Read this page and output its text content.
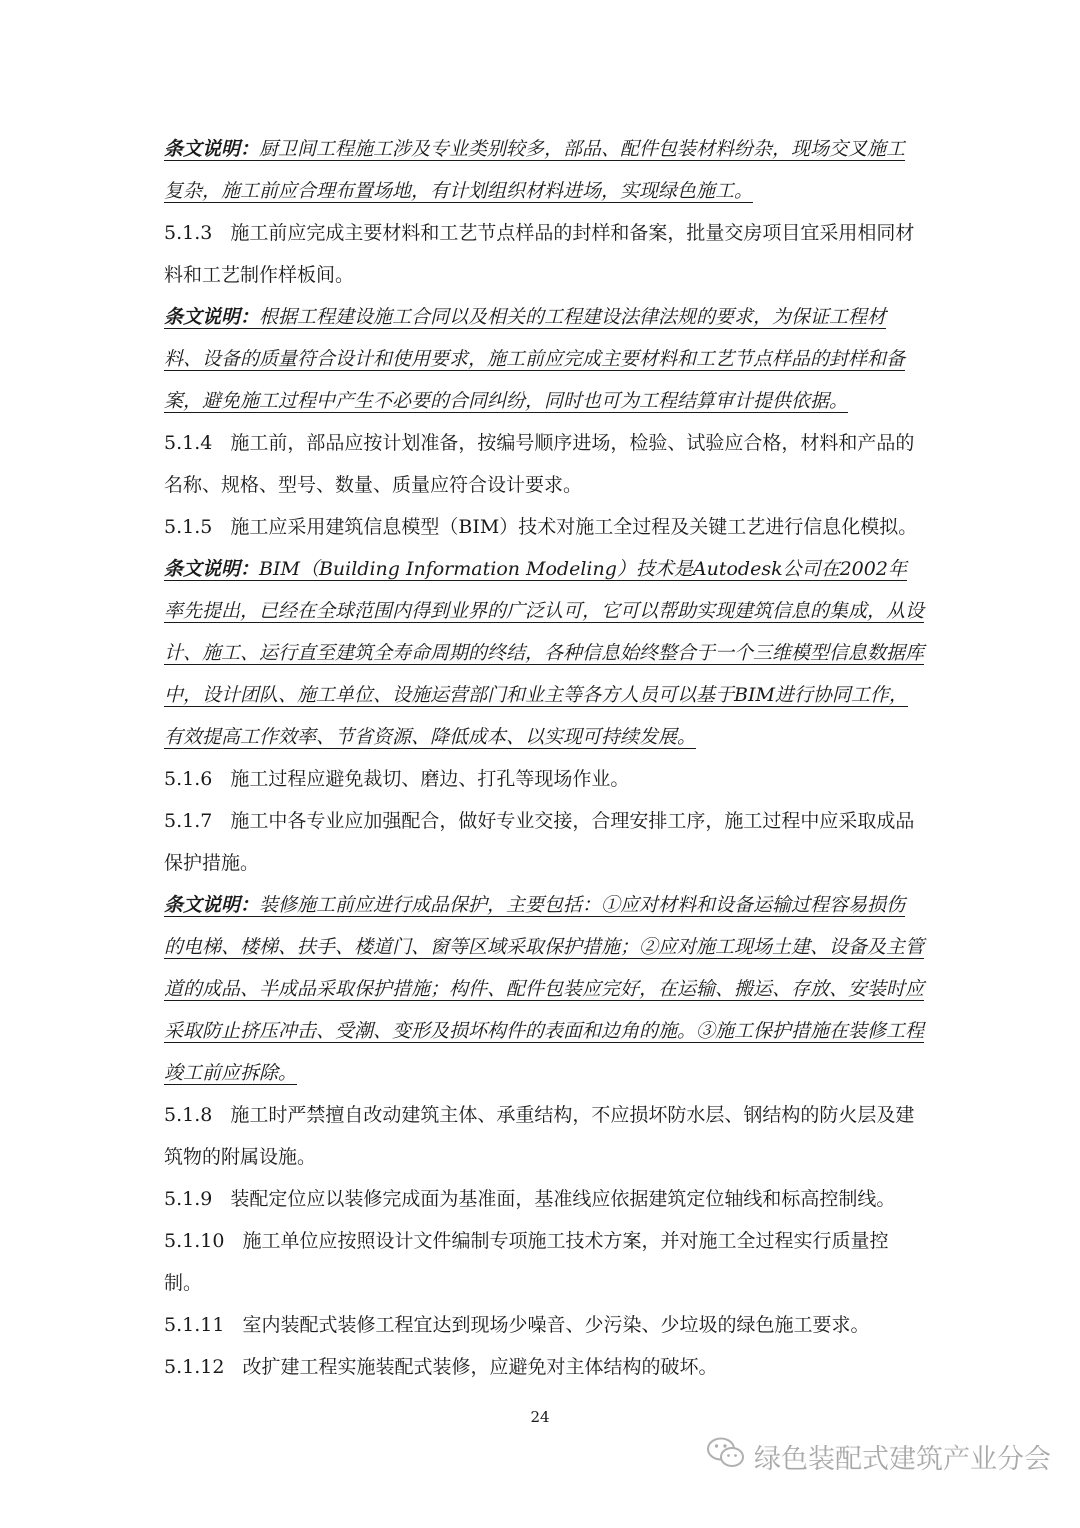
条文说明：厨卫间工程施工涉及专业类别较多，部品、配件包装材料纷杂，现场交叉施工复杂，施工前应合理布置场地，有计划组织材料进场，实现绿色施工。

5.1.3 施工前应完成主要材料和工艺节点样品的封样和备案，批量交房项目宜采用相同材料和工艺制作样板间。

条文说明：根据工程建设施工合同以及相关的工程建设法律法规的要求，为保证工程材料、设备的质量符合设计和使用要求，施工前应完成主要材料和工艺节点样品的封样和备案，避免施工过程中产生不必要的合同纠纷，同时也可为工程结算审计提供依据。

5.1.4 施工前，部品应按计划准备，按编号顺序进场，检验、试验应合格，材料和产品的名称、规格、型号、数量、质量应符合设计要求。

5.1.5 施工应采用建筑信息模型（BIM）技术对施工全过程及关键工艺进行信息化模拟。

条文说明：BIM（Building Information Modeling）技术是Autodesk公司在2002年率先提出，已经在全球范围内得到业界的广泛认可，它可以帮助实现建筑信息的集成，从设计、施工、运行直至建筑全寿命周期的终结，各种信息始终整合于一个三维模型信息数据库中，设计团队、施工单位、设施运营部门和业主等各方人员可以基于BIM进行协同工作，有效提高工作效率、节省资源、降低成本、以实现可持续发展。

5.1.6 施工过程应避免裁切、磨边、打孔等现场作业。

5.1.7 施工中各专业应加强配合，做好专业交接，合理安排工序，施工过程中应采取成品保护措施。

条文说明：装修施工前应进行成品保护，主要包括：①应对材料和设备运输过程容易损伤的电梯、楼梯、扶手、楼道门、窗等区域采取保护措施；②应对施工现场土建、设备及主管道的成品、半成品采取保护措施；构件、配件包装应完好，在运输、搬运、存放、安装时应采取防止挤压冲击、受潮、变形及损坏构件的表面和边角的施。③施工保护措施在装修工程竣工前应拆除。

5.1.8 施工时严禁擅自改动建筑主体、承重结构，不应损坏防水层、钢结构的防火层及建筑物的附属设施。

5.1.9 装配定位应以装修完成面为基准面，基准线应依据建筑定位轴线和标高控制线。

5.1.10 施工单位应按照设计文件编制专项施工技术方案，并对施工全过程实行质量控制。

5.1.11 室内装配式装修工程宜达到现场少噪音、少污染、少垃圾的绿色施工要求。

5.1.12 改扩建工程实施装配式装修，应避免对主体结构的破坏。

24
绿色装配式建筑产业分会
